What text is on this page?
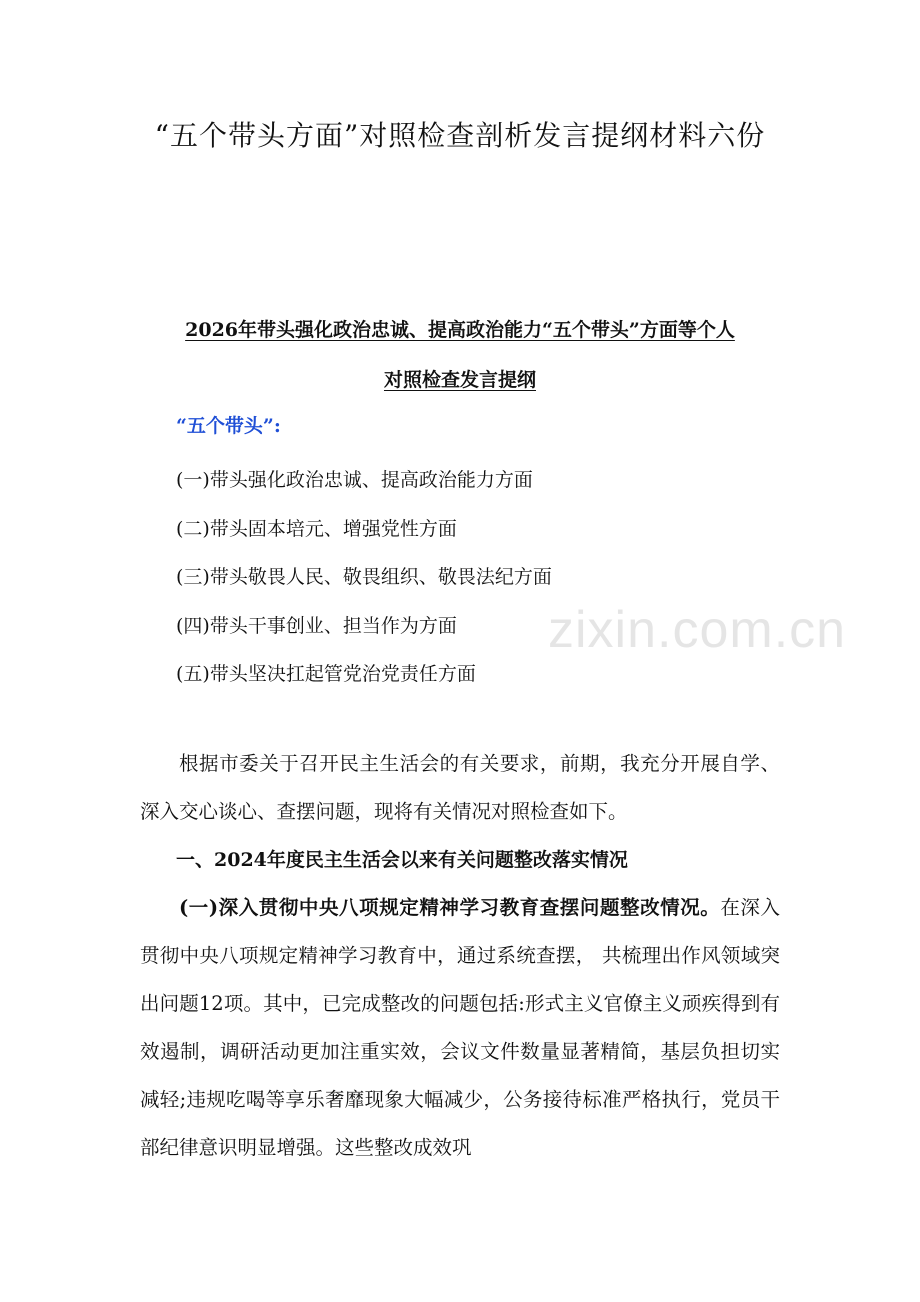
“五个带头方面”对照检查剖析发言提纲材料六份
2026年带头强化政治忠诚、提高政治能力“五个带头”方面等个人
对照检查发言提纲

“五个带头”:

(一)带头强化政治忠诚、提高政治能力方面
(二)带头固本培元、增强党性方面
(三)带头敬畏人民、敬畏组织、敬畏法纪方面
(四)带头干事创业、担当作为方面
(五)带头坚决扛起管党治党责任方面
zixin.com.cn

根据市委关于召开民主生活会的有关要求，前期，我充分开展自学、深入交心谈心、查摆问题，现将有关情况对照检查如下。

一、2024年度民主生活会以来有关问题整改落实情况

(一)深入贯彻中央八项规定精神学习教育查摆问题整改情况。在深入贯彻中央八项规定精神学习教育中，通过系统查摆， 共梳理出作风领域突出问题12项。其中，已完成整改的问题包括:形式主义官僚主义顽疾得到有效遏制，调研活动更加注重实效，会议文件数量显著精简，基层负担切实减轻;违规吃喝等享乐奢靡现象大幅减少，公务接待标准严格执行，党员干部纪律意识明显增强。这些整改成效巩
